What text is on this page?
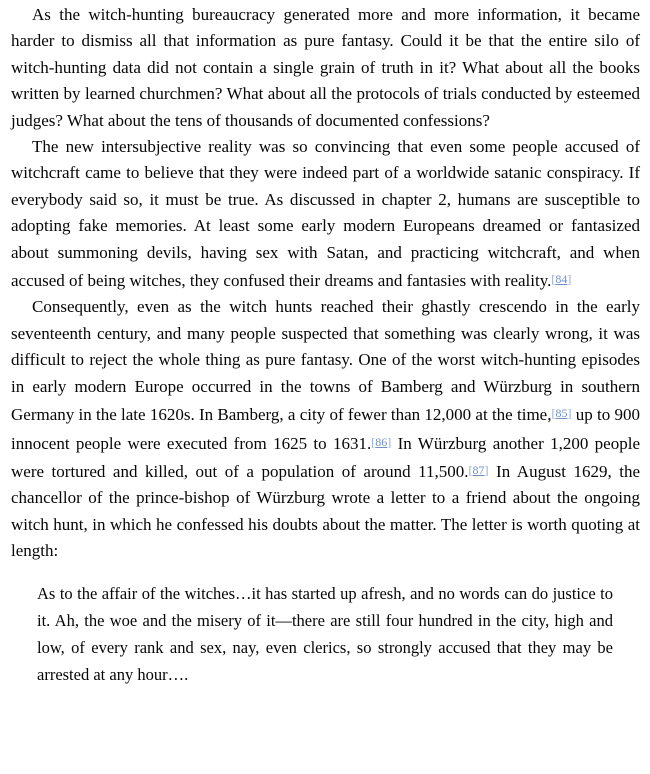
As the witch-hunting bureaucracy generated more and more information, it became harder to dismiss all that information as pure fantasy. Could it be that the entire silo of witch-hunting data did not contain a single grain of truth in it? What about all the books written by learned churchmen? What about all the protocols of trials conducted by esteemed judges? What about the tens of thousands of documented confessions?

The new intersubjective reality was so convincing that even some people accused of witchcraft came to believe that they were indeed part of a worldwide satanic conspiracy. If everybody said so, it must be true. As discussed in chapter 2, humans are susceptible to adopting fake memories. At least some early modern Europeans dreamed or fantasized about summoning devils, having sex with Satan, and practicing witchcraft, and when accused of being witches, they confused their dreams and fantasies with reality.[84]

Consequently, even as the witch hunts reached their ghastly crescendo in the early seventeenth century, and many people suspected that something was clearly wrong, it was difficult to reject the whole thing as pure fantasy. One of the worst witch-hunting episodes in early modern Europe occurred in the towns of Bamberg and Würzburg in southern Germany in the late 1620s. In Bamberg, a city of fewer than 12,000 at the time,[85] up to 900 innocent people were executed from 1625 to 1631.[86] In Würzburg another 1,200 people were tortured and killed, out of a population of around 11,500.[87] In August 1629, the chancellor of the prince-bishop of Würzburg wrote a letter to a friend about the ongoing witch hunt, in which he confessed his doubts about the matter. The letter is worth quoting at length:

As to the affair of the witches…it has started up afresh, and no words can do justice to it. Ah, the woe and the misery of it—there are still four hundred in the city, high and low, of every rank and sex, nay, even clerics, so strongly accused that they may be arrested at any hour….
